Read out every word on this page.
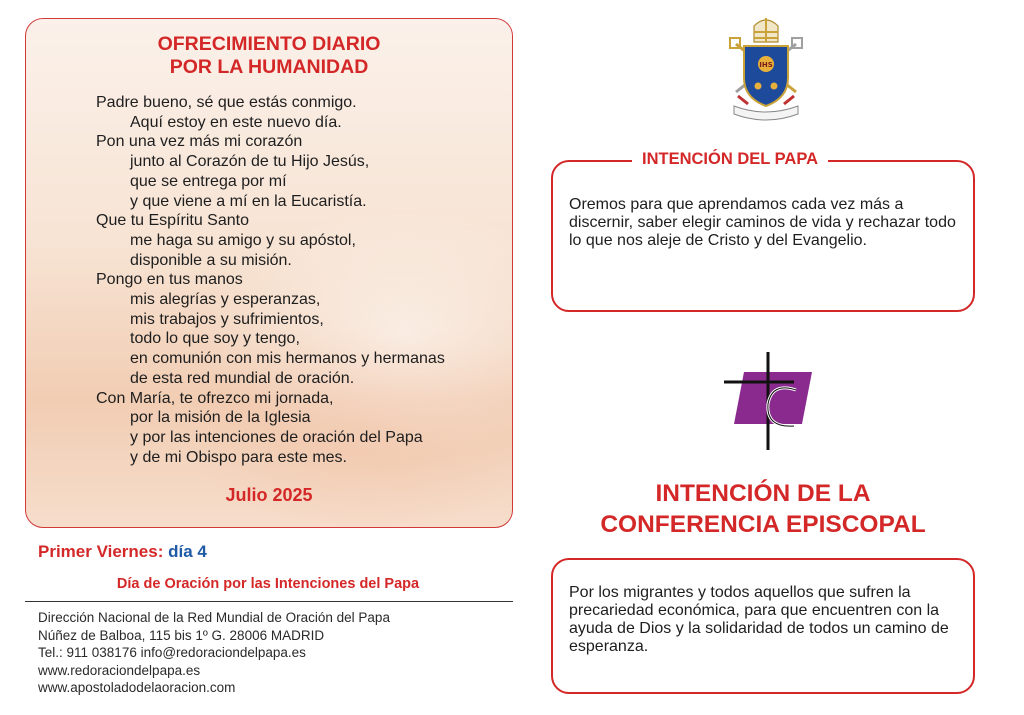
OFRECIMIENTO DIARIO
POR LA HUMANIDAD
Padre bueno, sé que estás conmigo.
Aquí estoy en este nuevo día.
Pon una vez más mi corazón
junto al Corazón de tu Hijo Jesús,
que se entrega por mí
y que viene a mí en la Eucaristía.
Que tu Espíritu Santo
me haga su amigo y su apóstol,
disponible a su misión.
Pongo en tus manos
mis alegrías y esperanzas,
mis trabajos y sufrimientos,
todo lo que soy y tengo,
en comunión con mis hermanos y hermanas
de esta red mundial de oración.
Con María, te ofrezco mi jornada,
por la misión de la Iglesia
y por las intenciones de oración del Papa
y de mi Obispo para este mes.
Julio 2025
Primer Viernes: día 4
Día de Oración por las Intenciones del Papa
Dirección Nacional de la Red Mundial de Oración del Papa
Núñez de Balboa, 115 bis 1º G. 28006 MADRID
Tel.: 911 038176 info@redoraciondelpapa.es
www.redoraciondelpapa.es
www.apostoladodelaoracion.com
IHS
INTENCIÓN DEL PAPA
Oremos para que aprendamos cada vez más a discernir, saber elegir caminos de vida y rechazar todo lo que nos aleje de Cristo y del Evangelio.
INTENCIÓN DE LA
CONFERENCIA EPISCOPAL
Por los migrantes y todos aquellos que sufren la precariedad económica, para que encuentren con la ayuda de Dios y la solidaridad de todos un camino de esperanza.
